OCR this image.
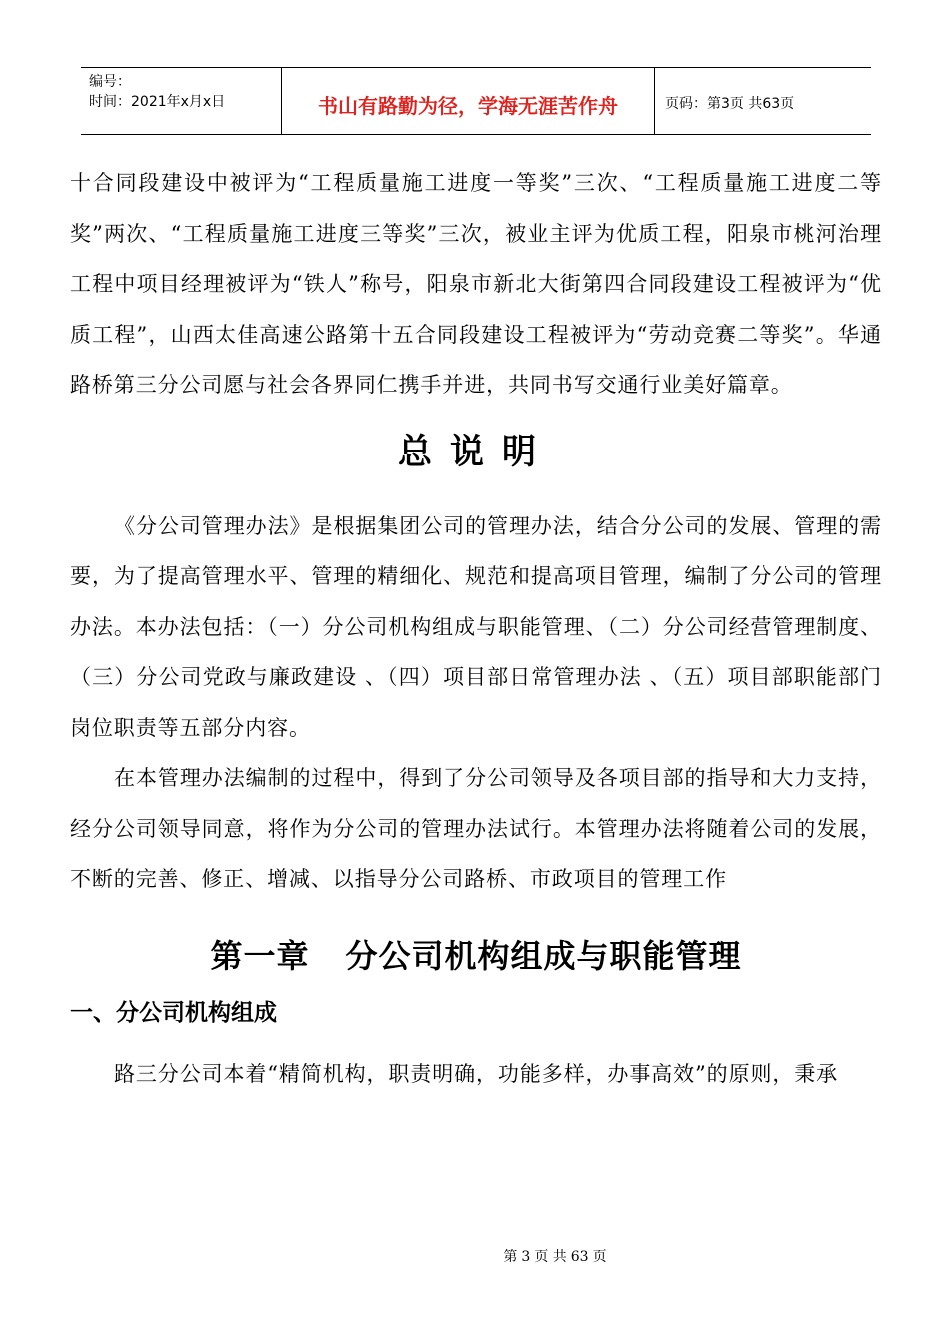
编号：
时间：2021年x月x日	书山有路勤为径，学海无涯苦作舟	页码：第3页 共63页

十合同段建设中被评为“工程质量施工进度一等奖”三次、“工程质量施工进度二等奖”两次、“工程质量施工进度三等奖”三次，被业主评为优质工程，阳泉市桃河治理工程中项目经理被评为“铁人”称号，阳泉市新北大街第四合同段建设工程被评为“优质工程”，山西太佳高速公路第十五合同段建设工程被评为“劳动竞赛二等奖”。华通路桥第三分公司愿与社会各界同仁携手并进，共同书写交通行业美好篇章。

总说明

《分公司管理办法》是根据集团公司的管理办法，结合分公司的发展、管理的需要，为了提高管理水平、管理的精细化、规范和提高项目管理，编制了分公司的管理办法。本办法包括：（一）分公司机构组成与职能管理、（二）分公司经营管理制度、（三）分公司党政与廉政建设 、（四）项目部日常管理办法 、（五）项目部职能部门岗位职责等五部分内容。

在本管理办法编制的过程中，得到了分公司领导及各项目部的指导和大力支持，经分公司领导同意，将作为分公司的管理办法试行。本管理办法将随着公司的发展，不断的完善、修正、增减、以指导分公司路桥、市政项目的管理工作

第一章 分公司机构组成与职能管理
一、分公司机构组成

路三分公司本着“精简机构，职责明确，功能多样，办事高效”的原则，秉承

第 3 页 共 63 页
